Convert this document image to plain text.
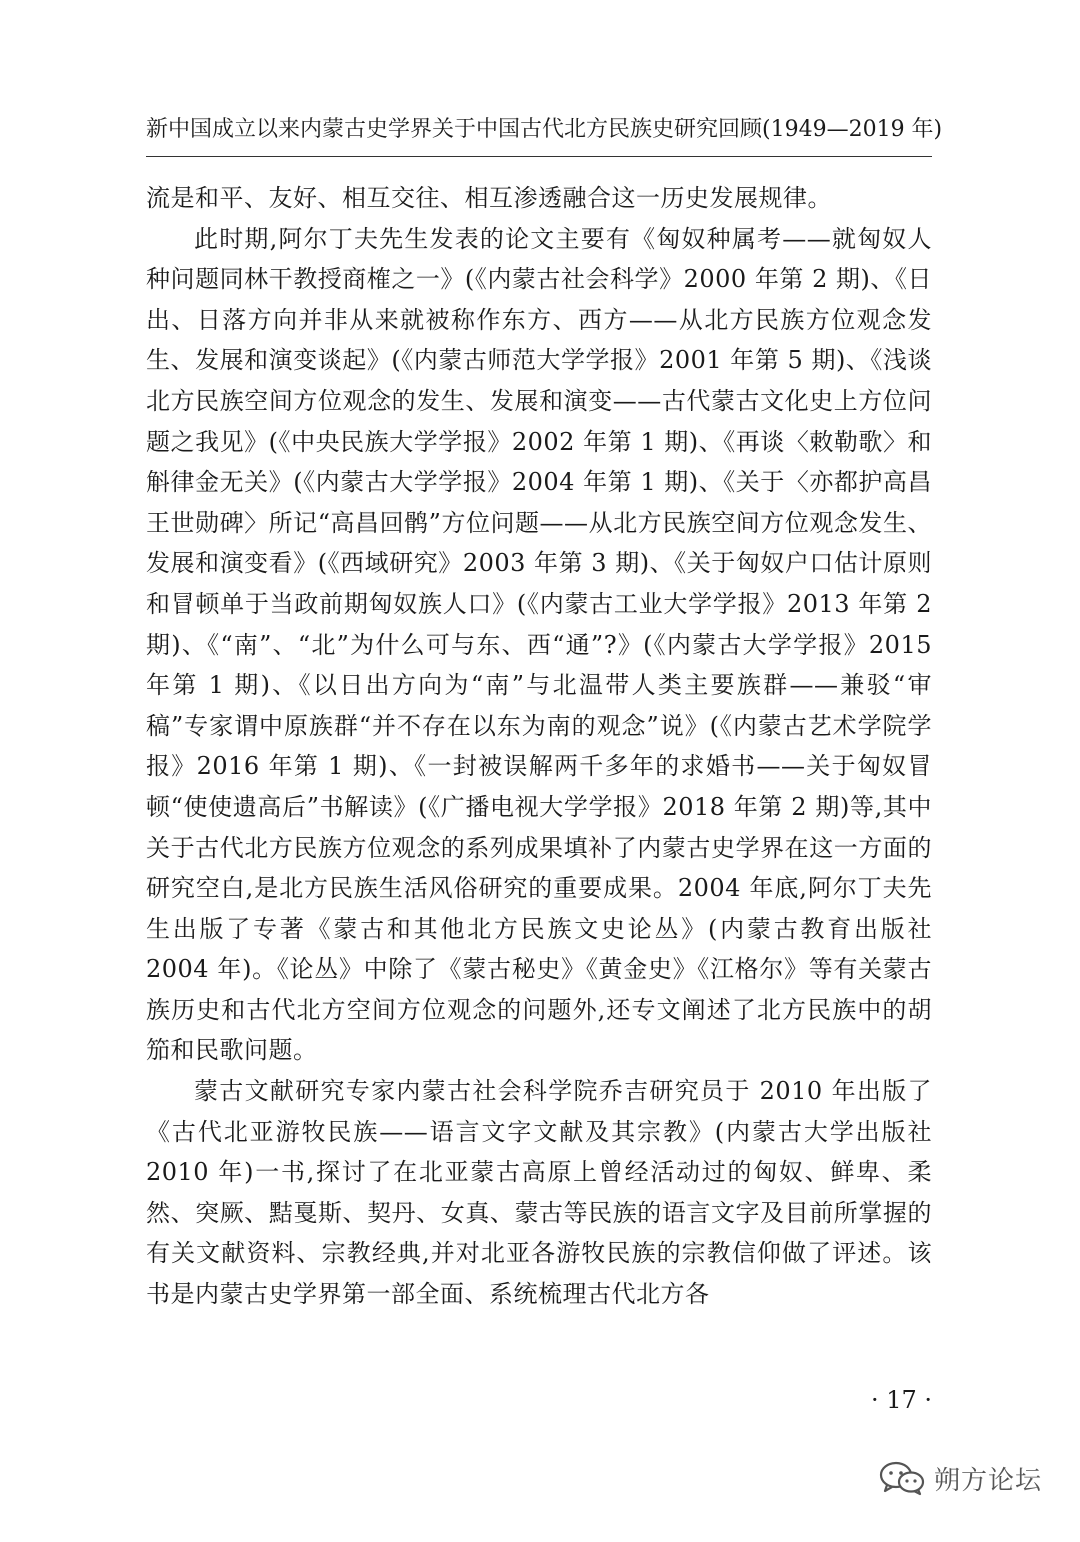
新中国成立以来内蒙古史学界关于中国古代北方民族史研究回顾(1949—2019 年)

流是和平、友好、相互交往、相互渗透融合这一历史发展规律。

此时期,阿尔丁夫先生发表的论文主要有《匈奴种属考——就匈奴人种问题同林干教授商榷之一》(《内蒙古社会科学》2000 年第 2 期)、《日出、日落方向并非从来就被称作东方、西方——从北方民族方位观念发生、发展和演变谈起》(《内蒙古师范大学学报》2001 年第 5 期)、《浅谈北方民族空间方位观念的发生、发展和演变——古代蒙古文化史上方位问题之我见》(《中央民族大学学报》2002 年第 1 期)、《再谈〈敕勒歌〉和斛律金无关》(《内蒙古大学学报》2004 年第 1 期)、《关于〈亦都护高昌王世勋碑〉所记“高昌回鹘”方位问题——从北方民族空间方位观念发生、发展和演变看》(《西域研究》2003 年第 3 期)、《关于匈奴户口估计原则和冒顿单于当政前期匈奴族人口》(《内蒙古工业大学学报》2013 年第 2 期)、《“南”、“北”为什么可与东、西“通”?》(《内蒙古大学学报》2015 年第 1 期)、《以日出方向为“南”与北温带人类主要族群——兼驳“审稿”专家谓中原族群“并不存在以东为南的观念”说》(《内蒙古艺术学院学报》2016 年第 1 期)、《一封被误解两千多年的求婚书——关于匈奴冒顿“使使遗高后”书解读》(《广播电视大学学报》2018 年第 2 期)等,其中关于古代北方民族方位观念的系列成果填补了内蒙古史学界在这一方面的研究空白,是北方民族生活风俗研究的重要成果。2004 年底,阿尔丁夫先生出版了专著《蒙古和其他北方民族文史论丛》(内蒙古教育出版社 2004 年)。《论丛》中除了《蒙古秘史》《黄金史》《江格尔》等有关蒙古族历史和古代北方空间方位观念的问题外,还专文阐述了北方民族中的胡笳和民歌问题。

蒙古文献研究专家内蒙古社会科学院乔吉研究员于 2010 年出版了《古代北亚游牧民族——语言文字文献及其宗教》(内蒙古大学出版社 2010 年)一书,探讨了在北亚蒙古高原上曾经活动过的匈奴、鲜卑、柔然、突厥、黠戛斯、契丹、女真、蒙古等民族的语言文字及目前所掌握的有关文献资料、宗教经典,并对北亚各游牧民族的宗教信仰做了评述。该书是内蒙古史学界第一部全面、系统梳理古代北方各

· 17 ·
朔方论坛
